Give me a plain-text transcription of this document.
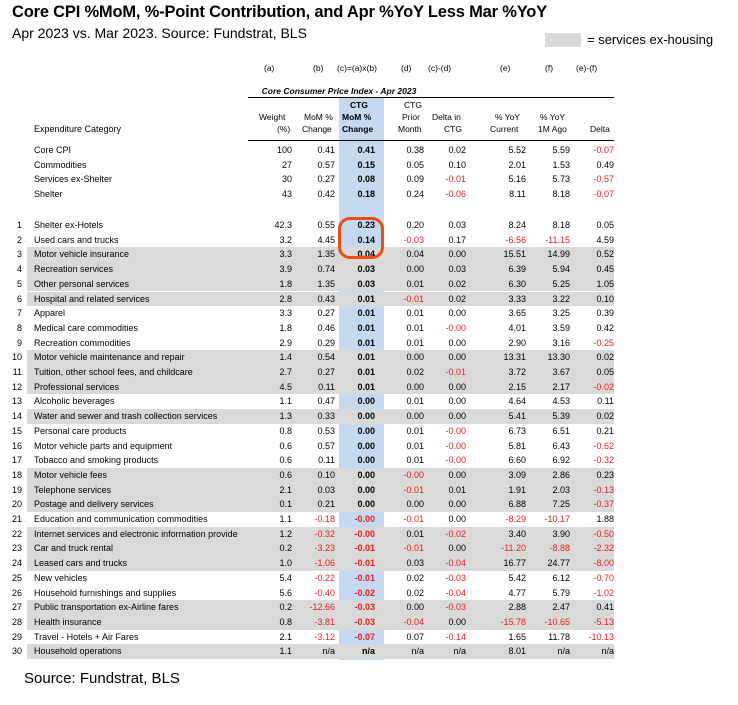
Core CPI %MoM, %-Point Contribution, and Apr %YoY Less Mar %YoY
Apr 2023 vs. Mar 2023. Source: Fundstrat, BLS	= services ex-housing
(a)	(b) (c)=(a)x(b)	(d) (c)-(d)	(e)	(f)	(e)-(f)
Core Consumer Price Index - Apr 2023
CTG
MoM %
Change
CTG
Prior
Month
Weight
(%)
MoM %
Change
Delta in
CTG
% YoY
Current
% YoY
1M Ago	Delta
Expenditure Category
Core CPI	100	0.41 0.41	0.38	0.02	5.52	5.59	-0.07
Commodities	27	0.57 0.15	0.05	0.10	2.01	1.53	0.49
Services ex-Shelter	30	0.27 0.08	0.09 -0.01	5.16	5.73	-0.57
Shelter	43	0.42 0.18	0.24 -0.06	8.11	8.18	-0.07
1 Shelter ex-Hotels	42.3	0.55 0.23	0.20	0.03	8.24	8.18	0.05
2 Used cars and trucks	3.2	4.45 0.14	-0.03	0.17	-6.56 -11.15	4.59
3 Motor vehicle insurance	3.3	1.35 0.04	0.04	0.00	15.51 14.99	0.52
4 Recreation services	3.9	0.74 0.03	0.00	0.03	6.39	5.94	0.45
5 Other personal services	1.8	1.35 0.03	0.01	0.02	6.30	5.25	1.05
6 Hospital and related services	2.8	0.43 0.01	-0.01	0.02	3.33	3.22	0.10
7 Apparel	3.3	0.27 0.01	0.01	0.00	3.65	3.25	0.39
8 Medical care commodities	1.8	0.46 0.01	0.01 -0.00	4.01	3.59	0.42
9 Recreation commodities	2.9	0.29 0.01	0.01	0.00	2.90	3.16	-0.25
10 Motor vehicle maintenance and repair	1.4	0.54 0.01	0.00	0.00	13.31 13.30	0.02
11 Tuition, other school fees, and childcare	2.7	0.27 0.01	0.02 -0.01	3.72	3.67	0.05
12 Professional services	4.5	0.11 0.01	0.00	0.00	2.15	2.17	-0.02
13 Alcoholic beverages	1.1	0.47 0.00	0.01	0.00	4.64	4.53	0.11
14 Water and sewer and trash collection services	1.3	0.33 0.00	0.00	0.00	5.41	5.39	0.02
15 Personal care products	0.8	0.53 0.00	0.01 -0.00	6.73	6.51	0.21
16 Motor vehicle parts and equipment	0.6	0.57 0.00	0.01 -0.00	5.81	6.43	-0.62
17 Tobacco and smoking products	0.6	0.11 0.00	0.01 -0.00	6.60	6.92	-0.32
18 Motor vehicle fees	0.6	0.10 0.00	-0.00	0.00	3.09	2.86	0.23
19 Telephone services	2.1	0.03 0.00	-0.01	0.01	1.91	2.03	-0.13
20 Postage and delivery services	0.1	0.21 0.00	0.00	0.00	6.88	7.25	-0.37
21 Education and communication commodities	1.1 -0.18 -0.00	-0.01	0.00	-8.29 -10.17	1.88
22 Internet services and electronic information provide	1.2 -0.32 -0.00	0.01 -0.02	3.40	3.90	-0.50
23 Car and truck rental	0.2 -3.23 -0.01	-0.01	0.00	-11.20	-8.88	-2.32
24 Leased cars and trucks	1.0 -1.06 -0.01	0.03 -0.04	16.77 24.77	-8.00
25 New vehicles	5.4 -0.22 -0.01	0.02 -0.03	5.42	6.12	-0.70
26 Household furnishings and supplies	5.6 -0.40 -0.02	0.02 -0.04	4.77	5.79	-1.02
27 Public transportation ex-Airline fares	0.2 -12.66 -0.03	0.00 -0.03	2.88	2.47	0.41
28 Health insurance	0.8 -3.81 -0.03	-0.04	0.00	-15.78 -10.65	-5.13
29 Travel - Hotels + Air Fares	2.1 -3.12 -0.07	0.07 -0.14	1.65 11.78 -10.13
30 Household operations	1.1	n/a	n/a	n/a	n/a	8.01	n/a	n/a
Source: Fundstrat, BLS
